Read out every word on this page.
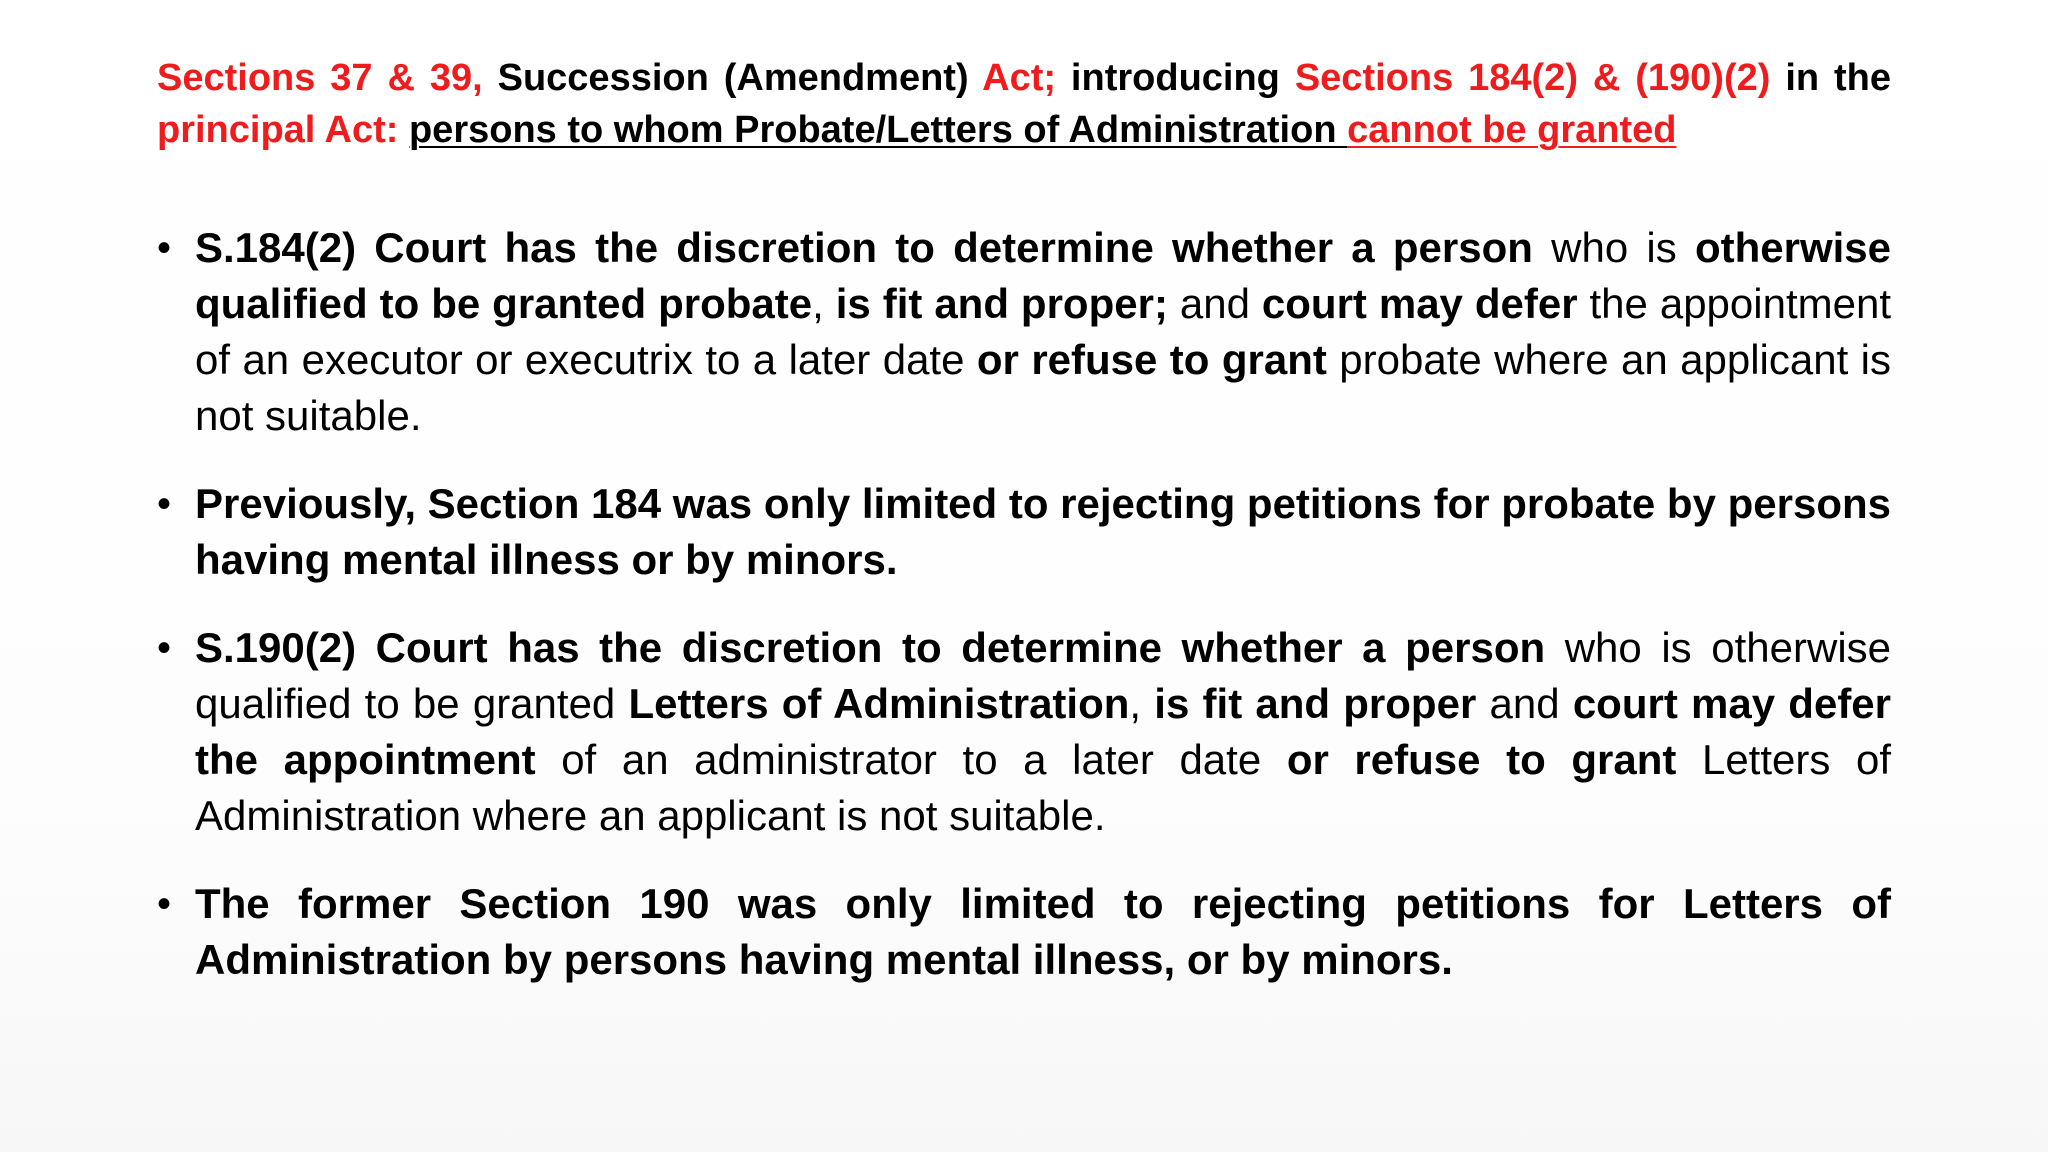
Sections 37 & 39, Succession (Amendment) Act; introducing Sections 184(2) & (190)(2) in the principal Act: persons to whom Probate/Letters of Administration cannot be granted
• S.184(2) Court has the discretion to determine whether a person who is otherwise qualified to be granted probate, is fit and proper; and court may defer the appointment of an executor or executrix to a later date or refuse to grant probate where an applicant is not suitable.
• Previously, Section 184 was only limited to rejecting petitions for probate by persons having mental illness or by minors.
• S.190(2) Court has the discretion to determine whether a person who is otherwise qualified to be granted Letters of Administration, is fit and proper and court may defer the appointment of an administrator to a later date or refuse to grant Letters of Administration where an applicant is not suitable.
• The former Section 190 was only limited to rejecting petitions for Letters of Administration by persons having mental illness, or by minors.
